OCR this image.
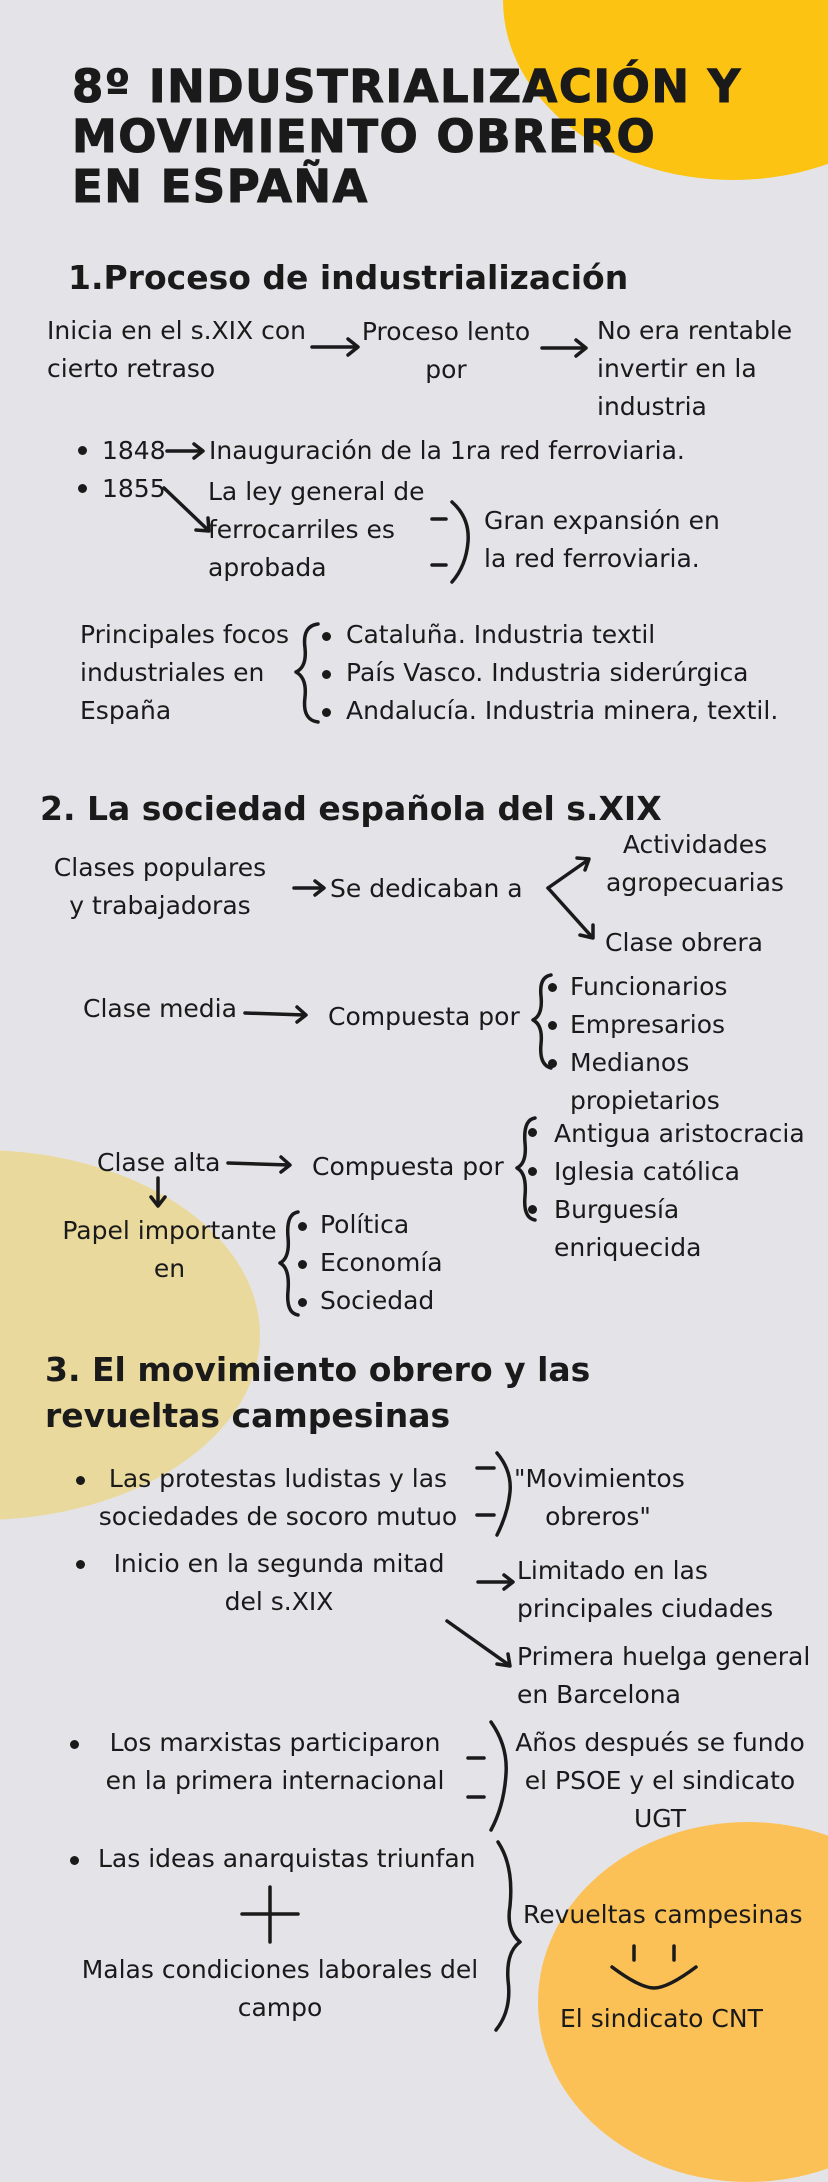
8º INDUSTRIALIZACIÓN Y
MOVIMIENTO OBRERO
EN ESPAÑA
1.Proceso de industrialización
Inicia en el s.XIX con
cierto retraso
Proceso lento
por
No era rentable
invertir en la
industria
1848 Inauguración de la 1ra red ferroviaria.
1855 La ley general de
ferrocarriles es
aprobada
Gran expansión en
la red ferroviaria.
Principales focos
industriales en
España
Cataluña. Industria textil
País Vasco. Industria siderúrgica
Andalucía. Industria minera, textil.
2. La sociedad española del s.XIX
Clases populares
y trabajadoras
Se dedicaban a
Actividades
agropecuarias
Clase obrera
Clase media	Compuesta por
Funcionarios
Empresarios
Medianos
propietarios
Clase alta	Compuesta por
Antigua aristocracia
Iglesia católica
Burguesía
enriquecida
Papel importante
en
Política
Economía
Sociedad
3. El movimiento obrero y las
revueltas campesinas
Las protestas ludistas y las
sociedades de socoro mutuo
"Movimientos
obreros"
Inicio en la segunda mitad
del s.XIX
Limitado en las
principales ciudades
Primera huelga general
en Barcelona
Los marxistas participaron
en la primera internacional
Años después se fundo
el PSOE y el sindicato
UGT
Las ideas anarquistas triunfan
Malas condiciones laborales del
campo
Revueltas campesinas
El sindicato CNT
